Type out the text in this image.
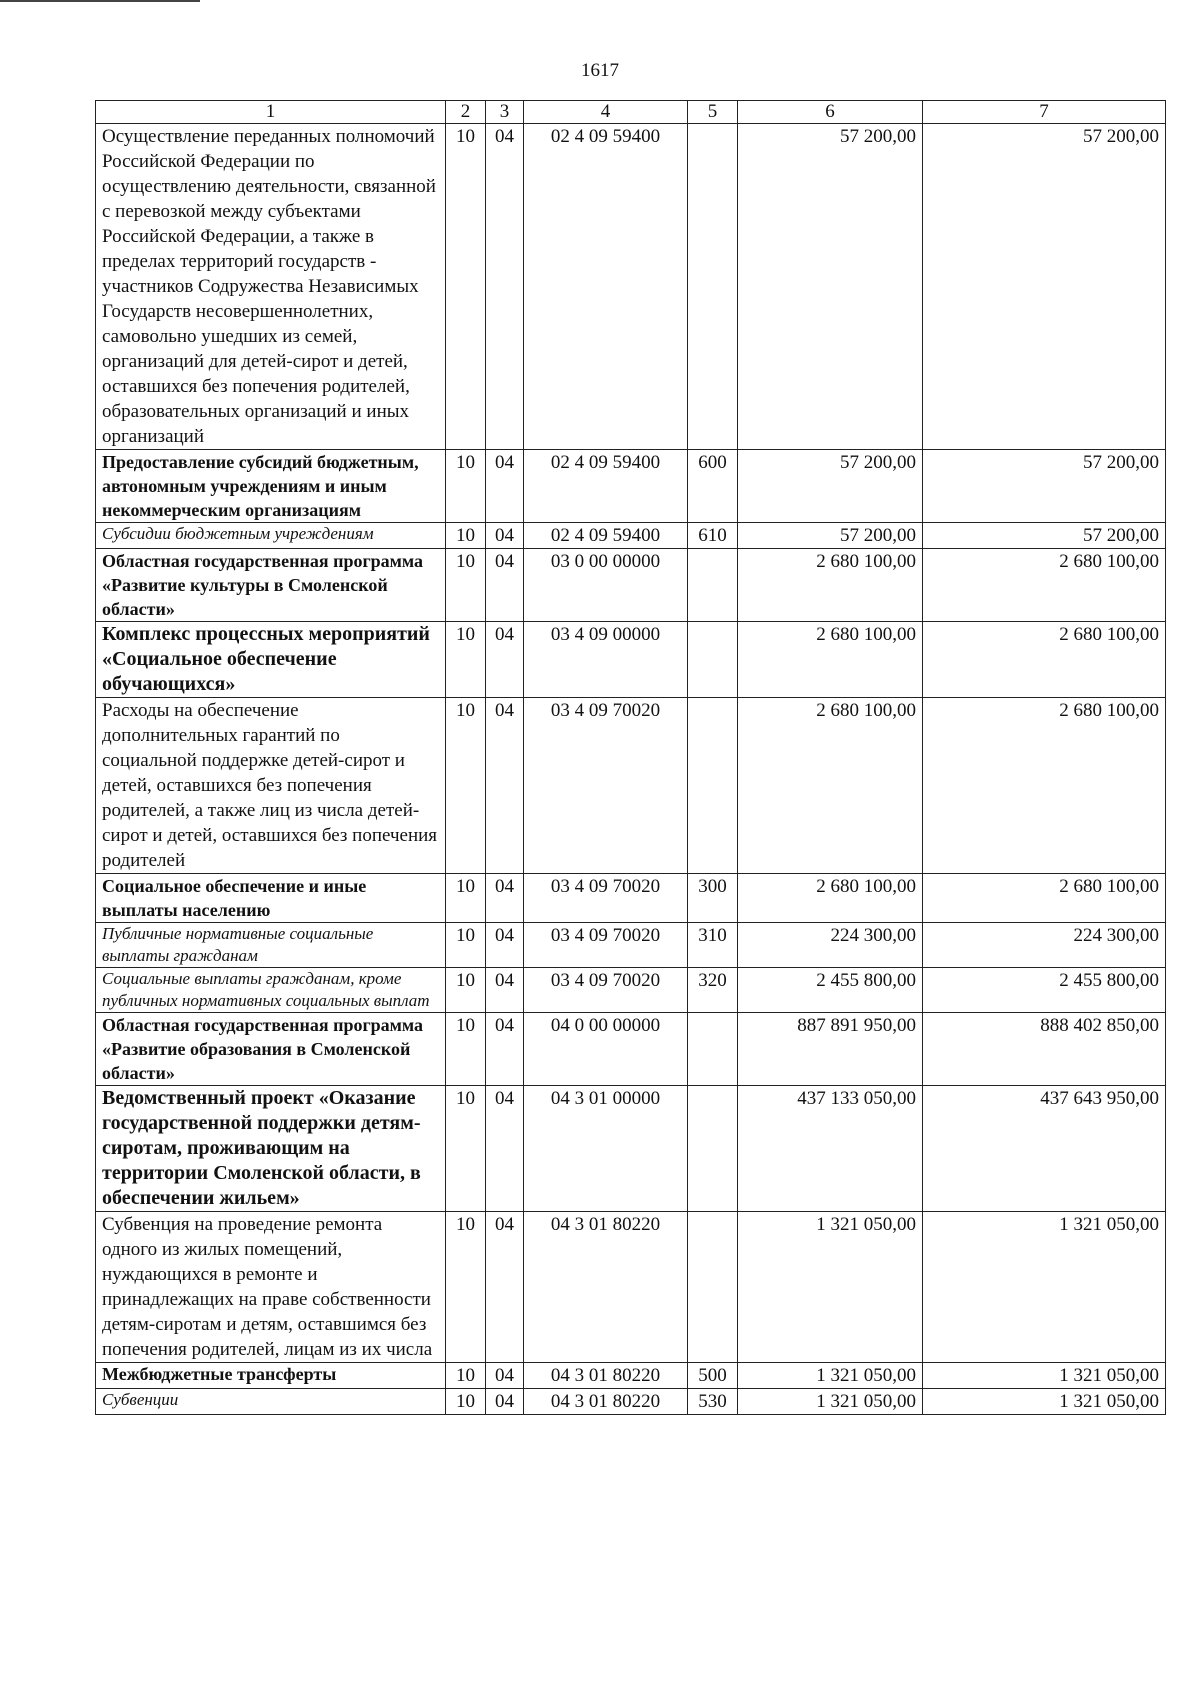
1617
1	2	3	4	5	6	7
Осуществление переданных полномочий Российской Федерации по осуществлению деятельности, связанной с перевозкой между субъектами Российской Федерации, а также в пределах территорий государств - участников Содружества Независимых Государств несовершеннолетних, самовольно ушедших из семей, организаций для детей-сирот и детей, оставшихся без попечения родителей, образовательных организаций и иных организаций	10	04	02 4 09 59400		57 200,00	57 200,00
Предоставление субсидий бюджетным, автономным учреждениям и иным некоммерческим организациям	10	04	02 4 09 59400	600	57 200,00	57 200,00
Субсидии бюджетным учреждениям	10	04	02 4 09 59400	610	57 200,00	57 200,00
Областная государственная программа «Развитие культуры в Смоленской области»	10	04	03 0 00 00000		2 680 100,00	2 680 100,00
Комплекс процессных мероприятий «Социальное обеспечение обучающихся»	10	04	03 4 09 00000		2 680 100,00	2 680 100,00
Расходы на обеспечение дополнительных гарантий по социальной поддержке детей-сирот и детей, оставшихся без попечения родителей, а также лиц из числа детей-сирот и детей, оставшихся без попечения родителей	10	04	03 4 09 70020		2 680 100,00	2 680 100,00
Социальное обеспечение и иные выплаты населению	10	04	03 4 09 70020	300	2 680 100,00	2 680 100,00
Публичные нормативные социальные выплаты гражданам	10	04	03 4 09 70020	310	224 300,00	224 300,00
Социальные выплаты гражданам, кроме публичных нормативных социальных выплат	10	04	03 4 09 70020	320	2 455 800,00	2 455 800,00
Областная государственная программа «Развитие образования в Смоленской области»	10	04	04 0 00 00000		887 891 950,00	888 402 850,00
Ведомственный проект «Оказание государственной поддержки детям-сиротам, проживающим на территории Смоленской области, в обеспечении жильем»	10	04	04 3 01 00000		437 133 050,00	437 643 950,00
Субвенция на проведение ремонта одного из жилых помещений, нуждающихся в ремонте и принадлежащих на праве собственности детям-сиротам и детям, оставшимся без попечения родителей, лицам из их числа	10	04	04 3 01 80220		1 321 050,00	1 321 050,00
Межбюджетные трансферты	10	04	04 3 01 80220	500	1 321 050,00	1 321 050,00
Субвенции	10	04	04 3 01 80220	530	1 321 050,00	1 321 050,00
